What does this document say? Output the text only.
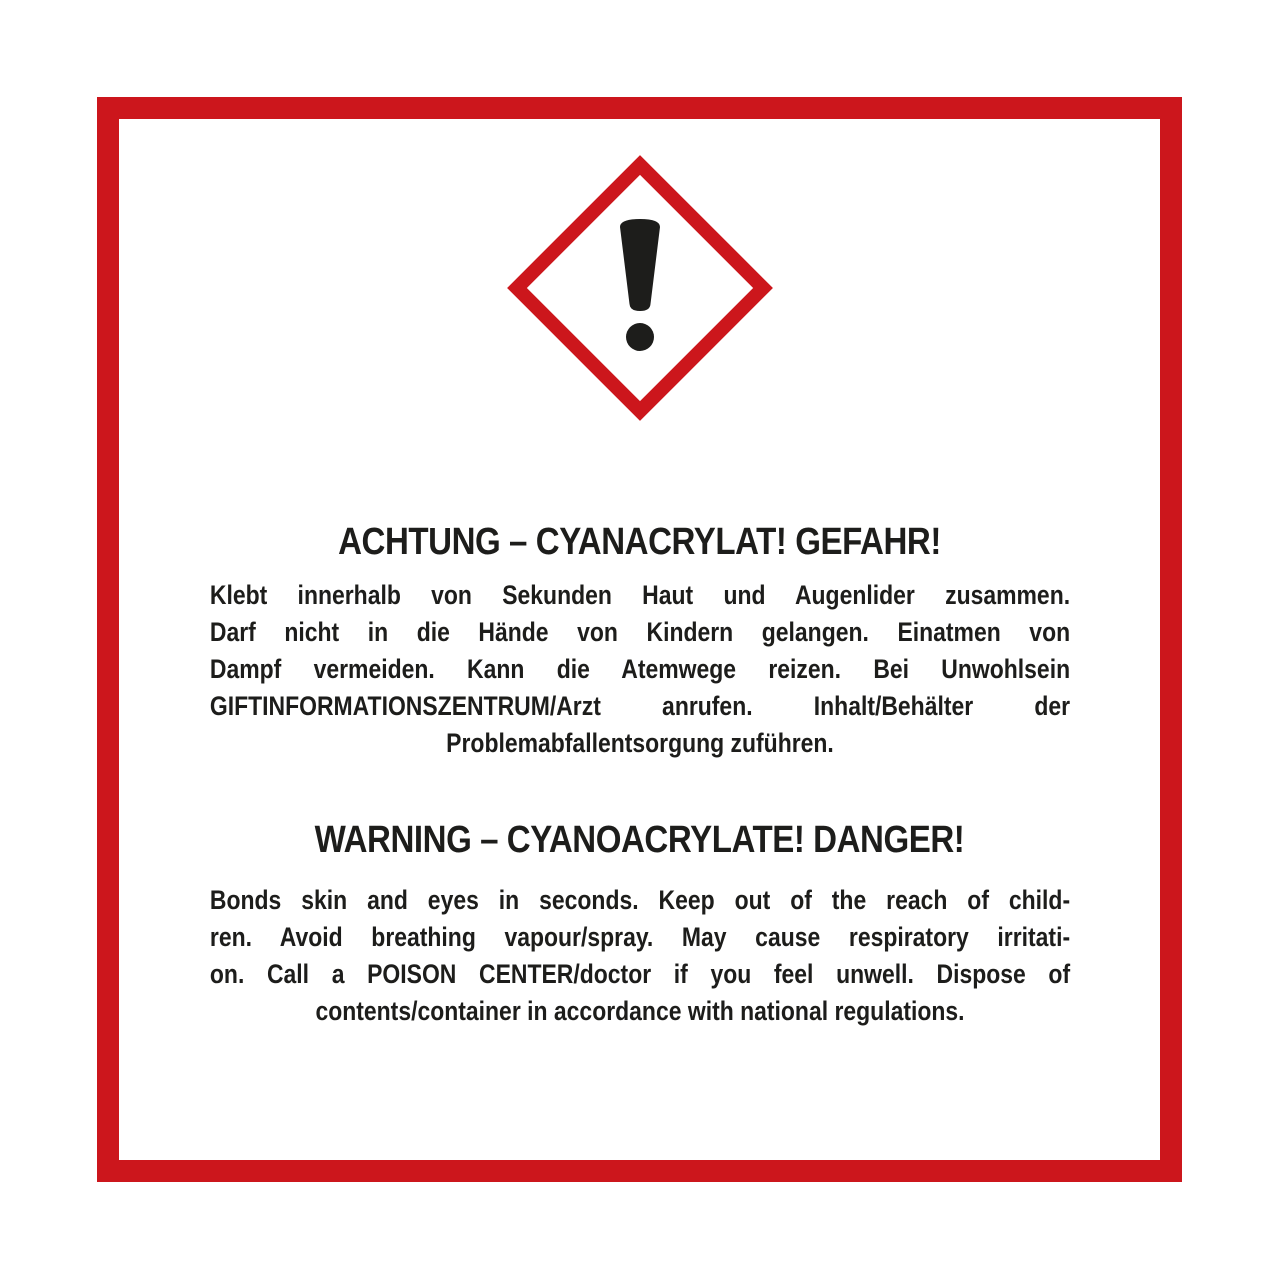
ACHTUNG – CYANACRYLAT! GEFAHR!
Klebt innerhalb von Sekunden Haut und Augenlider zusammen.
Darf nicht in die Hände von Kindern gelangen. Einatmen von
Dampf vermeiden. Kann die Atemwege reizen. Bei Unwohlsein
GIFTINFORMATIONSZENTRUM/Arzt anrufen. Inhalt/Behälter der
Problemabfallentsorgung zuführen.
WARNING – CYANOACRYLATE! DANGER!
Bonds skin and eyes in seconds. Keep out of the reach of child-
ren. Avoid breathing vapour/spray. May cause respiratory irritati-
on. Call a POISON CENTER/doctor if you feel unwell. Dispose of
contents/container in accordance with national regulations.
